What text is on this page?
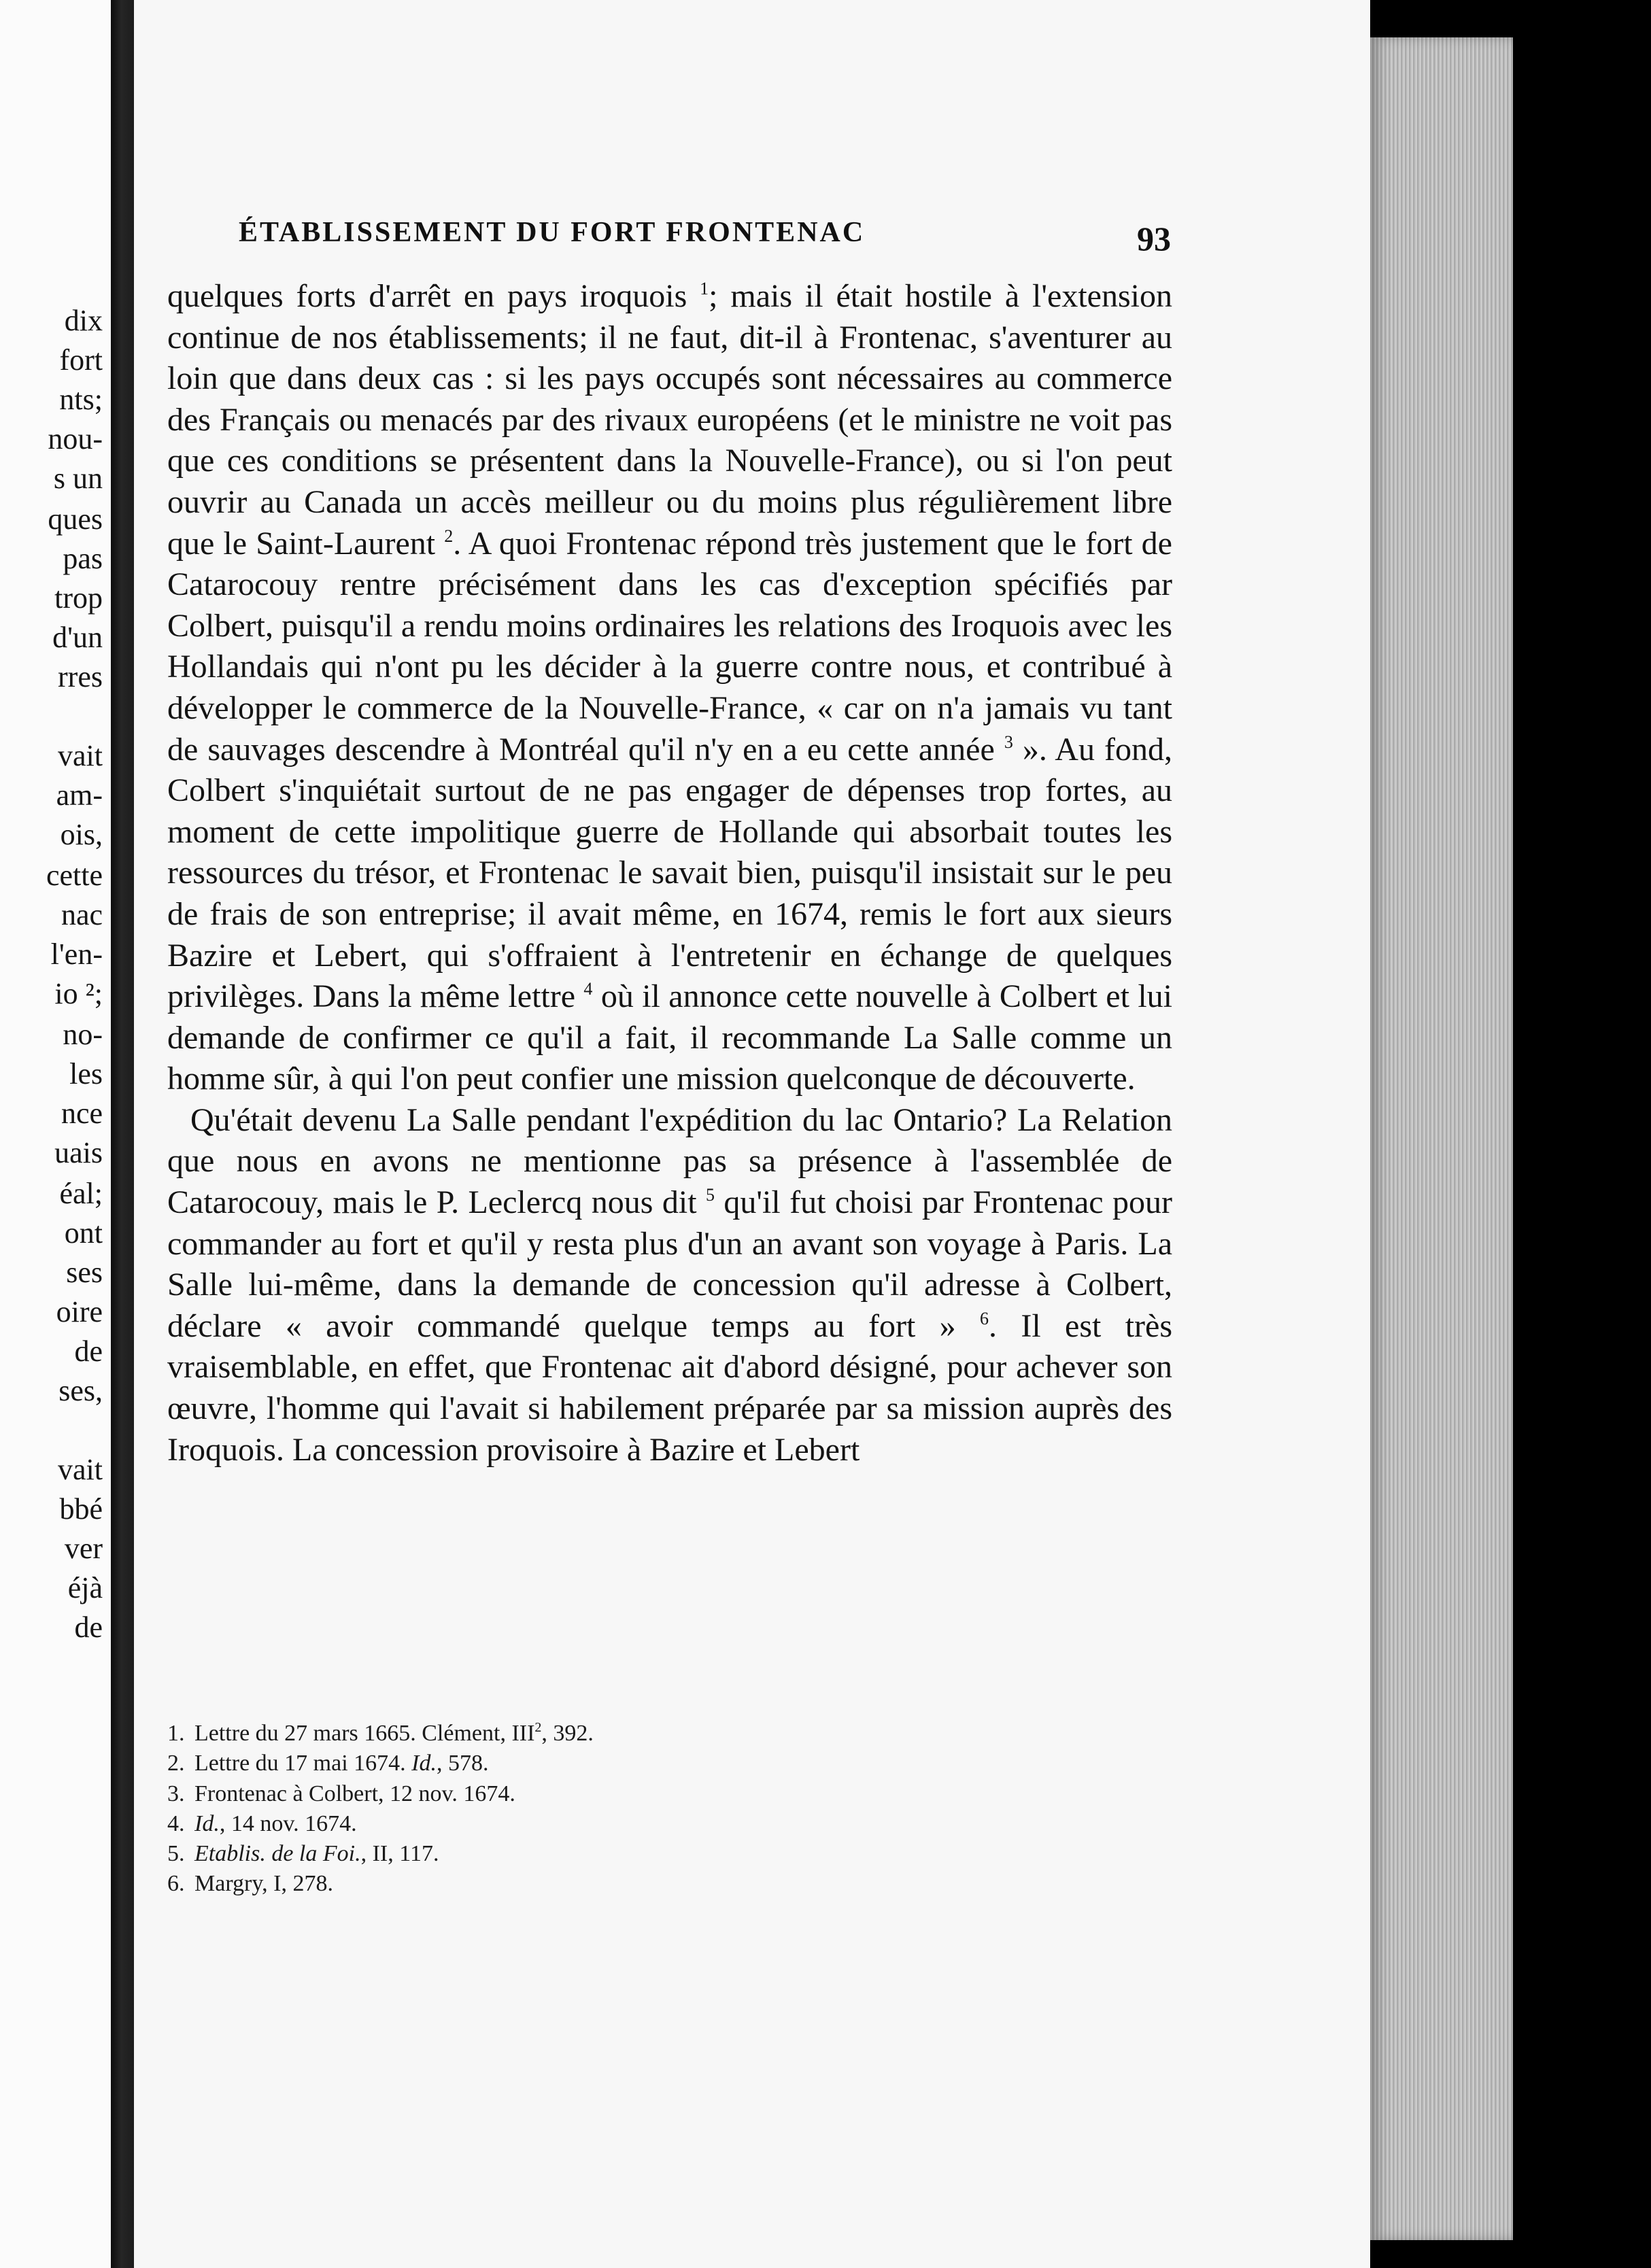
dix
fort
nts;
nou-
s un
ques
pas
trop
d'un
rres
vait
am-
ois,
cette
nac
l'en-
io ²;
no-
les
nce
uais
éal;
ont
ses
oire
de
ses,
vait
bbé
ver
éjà
de
ÉTABLISSEMENT DU FORT FRONTENAC	93

quelques forts d'arrêt en pays iroquois $^1$; mais il était hostile à l'extension continue de nos établissements; il ne faut, dit-il à Frontenac, s'aventurer au loin que dans deux cas : si les pays occupés sont nécessaires au commerce des Français ou menacés par des rivaux européens (et le ministre ne voit pas que ces conditions se présentent dans la Nouvelle-France), ou si l'on peut ouvrir au Canada un accès meilleur ou du moins plus régulièrement libre que le Saint-Laurent $^2$. A quoi Frontenac répond très justement que le fort de Catarocouy rentre précisément dans les cas d'exception spécifiés par Colbert, puisqu'il a rendu moins ordinaires les relations des Iroquois avec les Hollandais qui n'ont pu les décider à la guerre contre nous, et contribué à développer le commerce de la Nouvelle-France, « car on n'a jamais vu tant de sauvages descendre à Montréal qu'il n'y en a eu cette année $^3$ ». Au fond, Colbert s'inquiétait surtout de ne pas engager de dépenses trop fortes, au moment de cette impolitique guerre de Hollande qui absorbait toutes les ressources du trésor, et Frontenac le savait bien, puisqu'il insistait sur le peu de frais de son entreprise; il avait même, en 1674, remis le fort aux sieurs Bazire et Lebert, qui s'offraient à l'entretenir en échange de quelques privilèges. Dans la même lettre $^4$ où il annonce cette nouvelle à Colbert et lui demande de confirmer ce qu'il a fait, il recommande La Salle comme un homme sûr, à qui l'on peut confier une mission quelconque de découverte.

Qu'était devenu La Salle pendant l'expédition du lac Ontario? La Relation que nous en avons ne mentionne pas sa présence à l'assemblée de Catarocouy, mais le P. Leclercq nous dit $^5$ qu'il fut choisi par Frontenac pour commander au fort et qu'il y resta plus d'un an avant son voyage à Paris. La Salle lui-même, dans la demande de concession qu'il adresse à Colbert, déclare « avoir commandé quelque temps au fort » $^6$. Il est très vraisemblable, en effet, que Frontenac ait d'abord désigné, pour achever son œuvre, l'homme qui l'avait si habilement préparée par sa mission auprès des Iroquois. La concession provisoire à Bazire et Lebert

1. Lettre du 27 mars 1665. Clément, III$^2$, 392.
2. Lettre du 17 mai 1674. Id., 578.
3. Frontenac à Colbert, 12 nov. 1674.
4. Id., 14 nov. 1674.
5. Etablis. de la Foi., II, 117.
6. Margry, I, 278.
